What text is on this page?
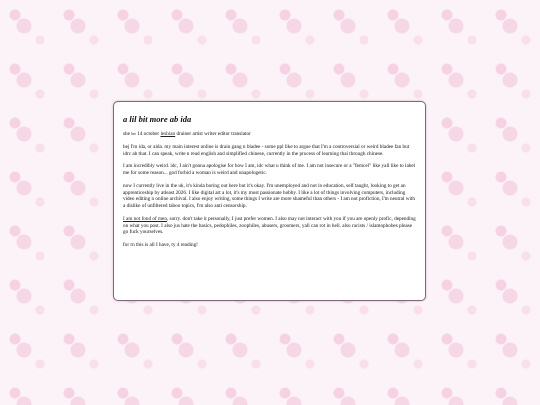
a lil bit more ab ida
she her 14 october lesbian drainer artist writer editor translator

hej I'm ida, or aida. my main interest online is drain gang n bladee - some ppl like to argue that I'm a controversial or weird bladee fan but idrc ab that. I can speak, write n read english and simplified chinese, currently in the process of learning thai through chinese.

I am incredibly weird. idc, I ain't gonna apologise for how I am, idc what u think of me. I am not insecure or a "femcel" like yall like to label me for some reason... god forbid a woman is weird and unapologetic.

now I currently live in the uk, it's kinda boring out here but it's okay. I'm unemployed and not in education, self taught, looking to get an apprenticeship by atleast 2026. I like digital art a lot, it's my most passionate hobby. I like a lot of things involving computers, including video editing n online archival. I also enjoy writing, some things I write are more shameful than others - I am not profiction, I'm neutral with a dislike of unfiltered taboo topics, I'm also anti censorship.

I am not fond of men, sorry. don't take it personally, I just prefer women. I also may not interact with you if you are openly profic, depending on what you post. I also jus hate the basics, pedophiles, zoophiles, abusers, groomers, yall can rot in hell. also racists / islamophobes please go fuck yourselves.

for rn this is all I have, ty 4 reading!
